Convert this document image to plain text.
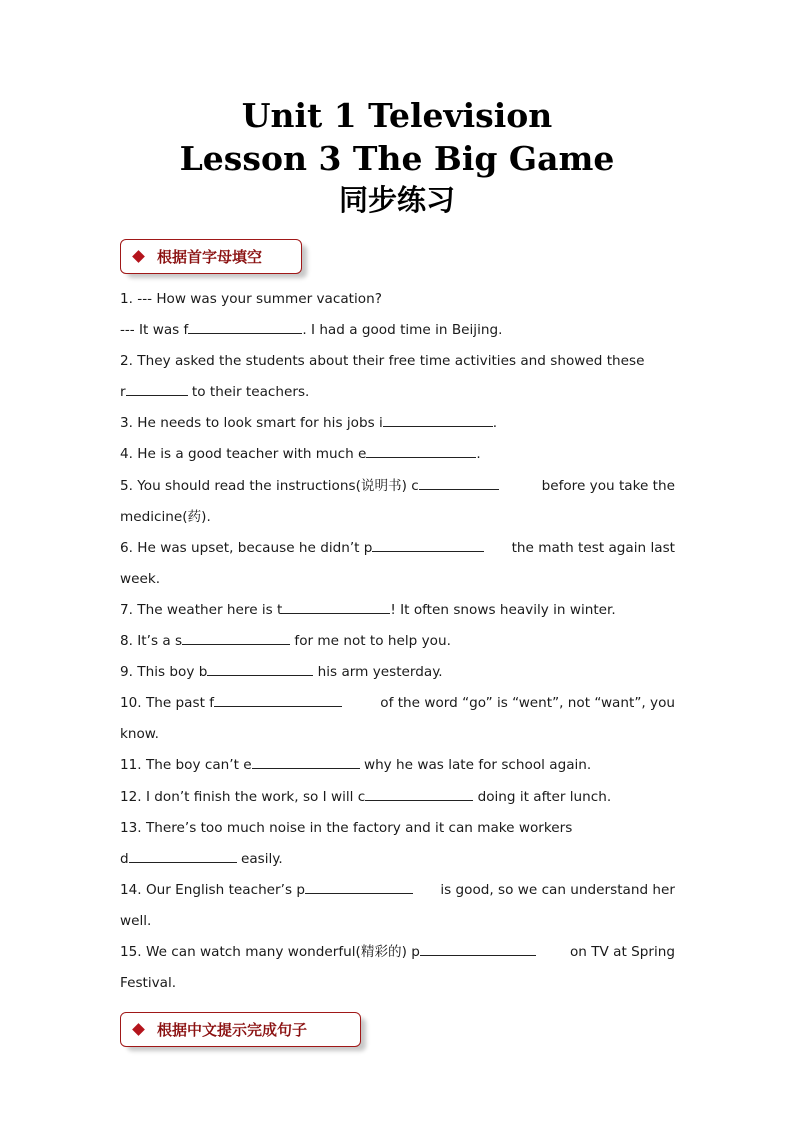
Unit 1 Television
Lesson 3 The Big Game
同步练习
根据首字母填空
1. --- How was your summer vacation?
--- It was f	. I had a good time in Beijing.
2. They asked the students about their free time activities and showed these
r	to their teachers.
3. He needs to look smart for his jobs i	.
4. He is a good teacher with much e	.
5. You should read the instructions(说明书) c	before you take the
medicine(药).
6. He was upset, because he didn’t p	the math test again last
week.
7. The weather here is t	! It often snows heavily in winter.
8. It’s a s	for me not to help you.
9. This boy b	his arm yesterday.
10. The past f	of the word “go” is “went”, not “want”, you
know.
11. The boy can’t e	why he was late for school again.
12. I don’t finish the work, so I will c	doing it after lunch.
13. There’s too much noise in the factory and it can make workers
d	easily.
14. Our English teacher’s p	is good, so we can understand her
well.
15. We can watch many wonderful(精彩的) p	on TV at Spring
Festival.
根据中文提示完成句子
